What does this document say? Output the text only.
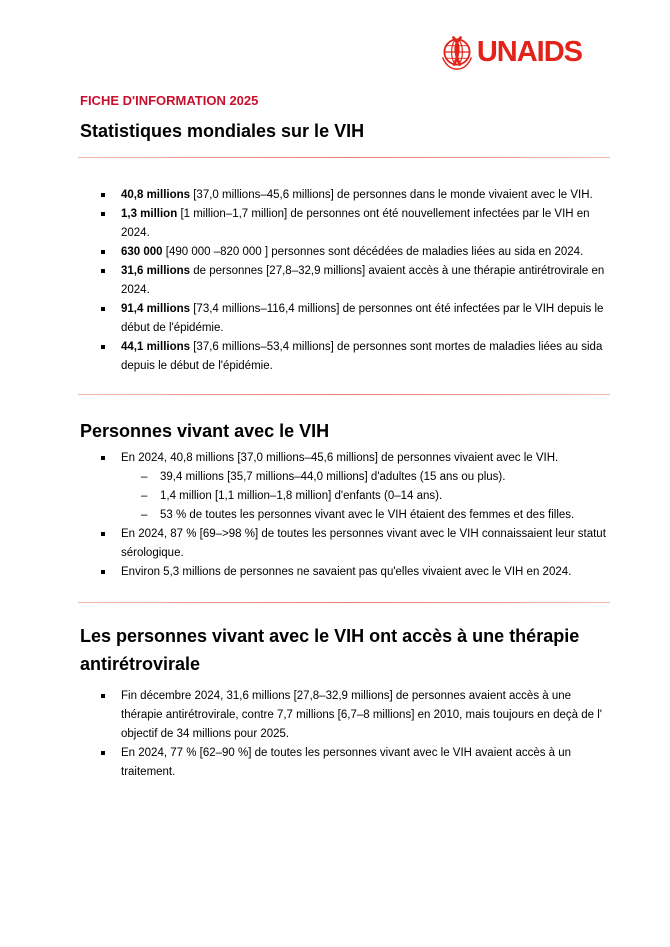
UNAIDS

FICHE D'INFORMATION 2025

Statistiques mondiales sur le VIH
40,8 millions [37,0 millions–45,6 millions] de personnes dans le monde vivaient avec le VIH.
1,3 million [1 million–1,7 million] de personnes ont été nouvellement infectées par le VIH en 2024.
630 000 [490 000 –820 000 ] personnes sont décédées de maladies liées au sida en 2024.
31,6 millions de personnes [27,8–32,9 millions] avaient accès à une thérapie antirétrovirale en 2024.
91,4 millions [73,4 millions–116,4 millions] de personnes ont été infectées par le VIH depuis le début de l'épidémie.
44,1 millions [37,6 millions–53,4 millions] de personnes sont mortes de maladies liées au sida depuis le début de l'épidémie.
Personnes vivant avec le VIH
En 2024, 40,8 millions [37,0 millions–45,6 millions] de personnes vivaient avec le VIH.
– 39,4 millions [35,7 millions–44,0 millions] d'adultes (15 ans ou plus).
– 1,4 million [1,1 million–1,8 million] d'enfants (0–14 ans).
– 53 % de toutes les personnes vivant avec le VIH étaient des femmes et des filles.
En 2024, 87 % [69–>98 %] de toutes les personnes vivant avec le VIH connaissaient leur statut sérologique.
Environ 5,3 millions de personnes ne savaient pas qu'elles vivaient avec le VIH en 2024.
Les personnes vivant avec le VIH ont accès à une thérapie antirétrovirale
Fin décembre 2024, 31,6 millions [27,8–32,9 millions] de personnes avaient accès à une thérapie antirétrovirale, contre 7,7 millions [6,7–8 millions] en 2010, mais toujours en deçà de l' objectif de 34 millions pour 2025.
En 2024, 77 % [62–90 %] de toutes les personnes vivant avec le VIH avaient accès à un traitement.
